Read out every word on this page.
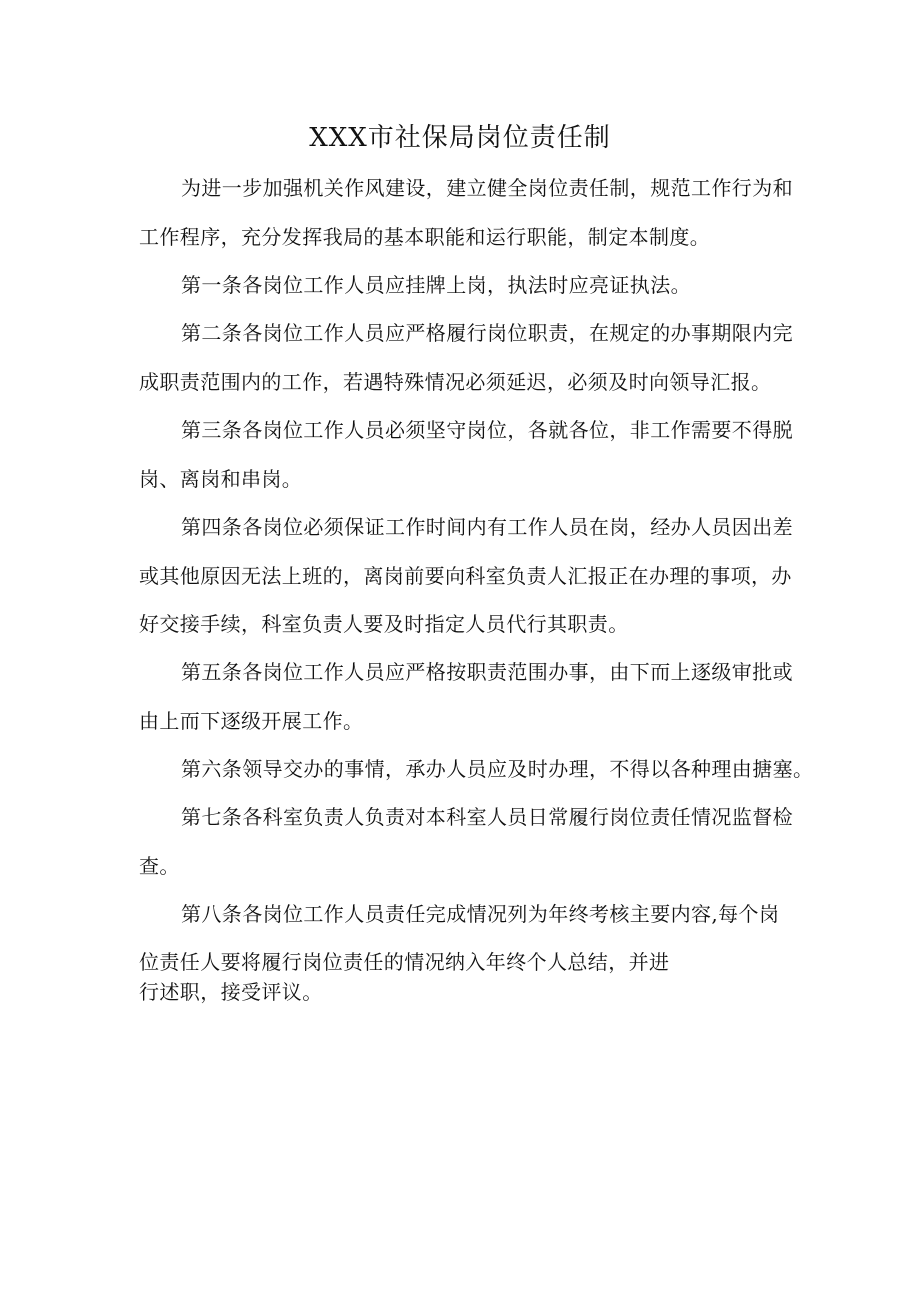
XXX市社保局岗位责任制
为进一步加强机关作风建设，建立健全岗位责任制，规范工作行为和
工作程序，充分发挥我局的基本职能和运行职能，制定本制度。
第一条各岗位工作人员应挂牌上岗，执法时应亮证执法。
第二条各岗位工作人员应严格履行岗位职责，在规定的办事期限内完
成职责范围内的工作，若遇特殊情况必须延迟，必须及时向领导汇报。
第三条各岗位工作人员必须坚守岗位，各就各位，非工作需要不得脱
岗、离岗和串岗。
第四条各岗位必须保证工作时间内有工作人员在岗，经办人员因出差
或其他原因无法上班的，离岗前要向科室负责人汇报正在办理的事项，办
好交接手续，科室负责人要及时指定人员代行其职责。
第五条各岗位工作人员应严格按职责范围办事，由下而上逐级审批或
由上而下逐级开展工作。
第六条领导交办的事情，承办人员应及时办理，不得以各种理由搪塞。
第七条各科室负责人负责对本科室人员日常履行岗位责任情况监督检
查。
第八条各岗位工作人员责任完成情况列为年终考核主要内容,每个岗
位责任人要将履行岗位责任的情况纳入年终个人总结，并进
行述职，接受评议。
